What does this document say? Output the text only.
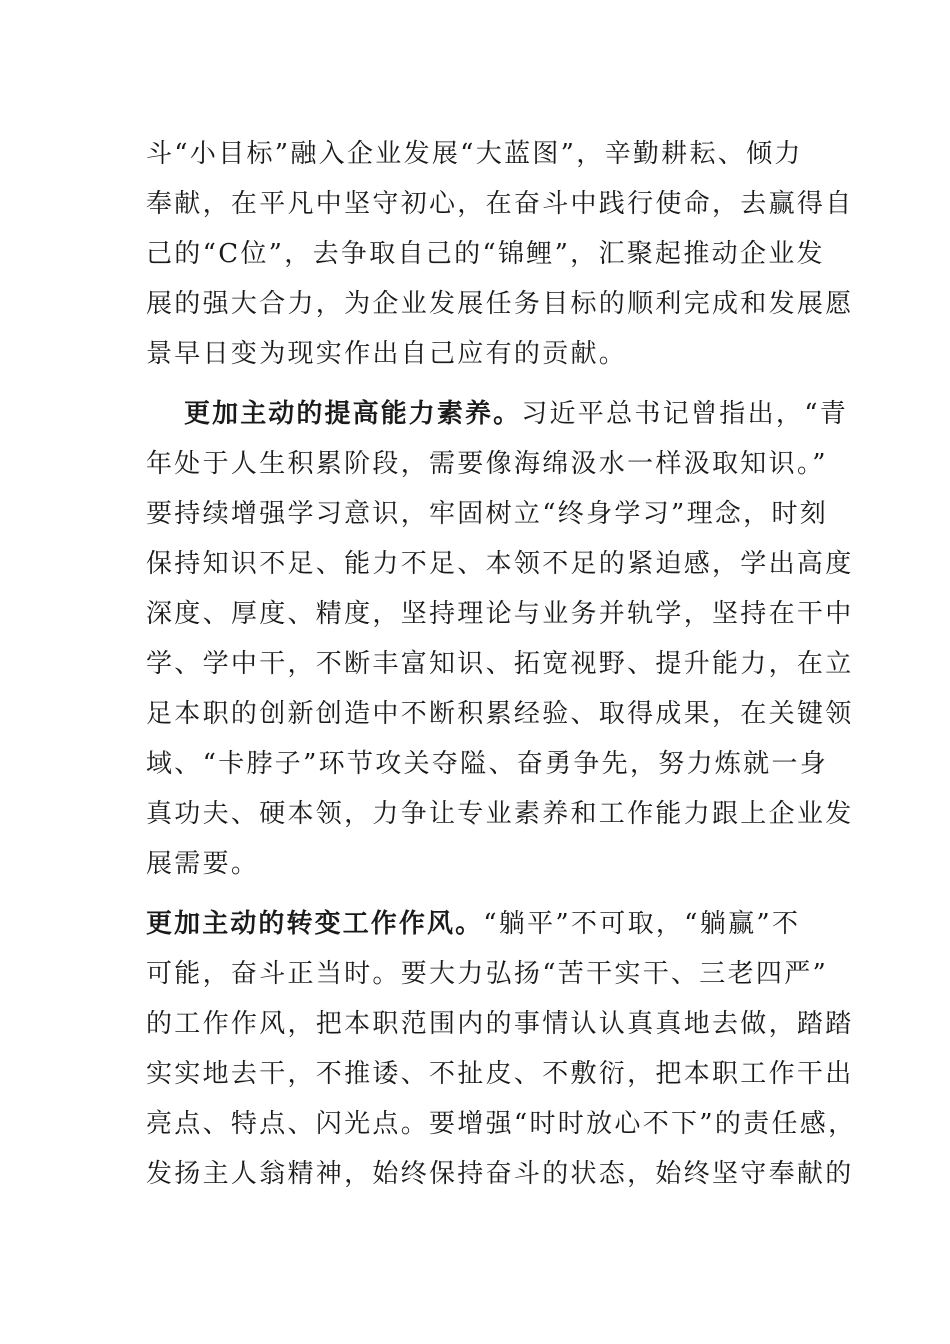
斗“小目标”融入企业发展“大蓝图”，辛勤耕耘、倾力
奉献，在平凡中坚守初心，在奋斗中践行使命，去赢得自
己的“C位”，去争取自己的“锦鲤”，汇聚起推动企业发
展的强大合力，为企业发展任务目标的顺利完成和发展愿
景早日变为现实作出自己应有的贡献。
更加主动的提高能力素养。习近平总书记曾指出，“青
年处于人生积累阶段，需要像海绵汲水一样汲取知识。”
要持续增强学习意识，牢固树立“终身学习”理念，时刻
保持知识不足、能力不足、本领不足的紧迫感，学出高度
深度、厚度、精度，坚持理论与业务并轨学，坚持在干中
学、学中干，不断丰富知识、拓宽视野、提升能力，在立
足本职的创新创造中不断积累经验、取得成果，在关键领
域、“卡脖子”环节攻关夺隘、奋勇争先，努力炼就一身
真功夫、硬本领，力争让专业素养和工作能力跟上企业发
展需要。
更加主动的转变工作作风。“躺平”不可取，“躺赢”不
可能，奋斗正当时。要大力弘扬“苦干实干、三老四严”
的工作作风，把本职范围内的事情认认真真地去做，踏踏
实实地去干，不推诿、不扯皮、不敷衍，把本职工作干出
亮点、特点、闪光点。要增强“时时放心不下”的责任感，
发扬主人翁精神，始终保持奋斗的状态，始终坚守奉献的
